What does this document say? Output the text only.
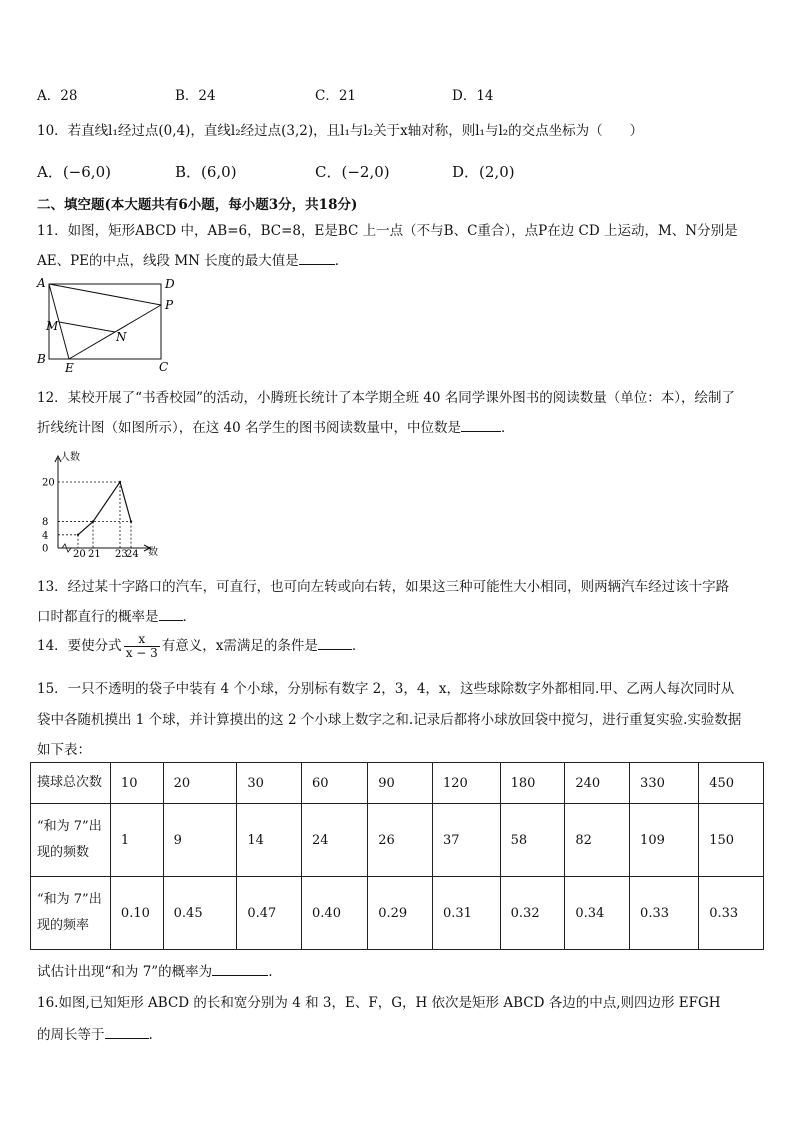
A．28	B．24	C．21	D．14
10．若直线l₁经过点(0,4)，直线l₂经过点(3,2)，且l₁与l₂关于x轴对称，则l₁与l₂的交点坐标为（　　）
A．(−6,0)	B．(6,0)	C．(−2,0)	D．(2,0)
二、填空题(本大题共有6小题，每小题3分，共18分)
11．如图，矩形ABCD 中，AB=6，BC=8，E是BC 上一点（不与B、C重合），点P在边 CD 上运动，M、N分别是
AE、PE的中点，线段 MN 长度的最大值是	．
A	D
P
M
N
B
E	C
12．某校开展了“书香校园”的活动，小腾班长统计了本学期全班 40 名同学课外图书的阅读数量（单位：本），绘制了
折线统计图（如图所示），在这 40 名学生的图书阅读数量中，中位数是	．
人数
数
0
4
8
20
20 21 23
24
13．经过某十字路口的汽车，可直行，也可向左转或向右转，如果这三种可能性大小相同，则两辆汽车经过该十字路
口时都直行的概率是 ．
14．要使分式 $\frac{x}{x - 3}$ 有意义，x需满足的条件是	．
15．一只不透明的袋子中装有 4 个小球，分别标有数字 2，3，4，x，这些球除数字外都相同.甲、乙两人每次同时从
袋中各随机摸出 1 个球，并计算摸出的这 2 个小球上数字之和.记录后都将小球放回袋中搅匀，进行重复实验.实验数据
如下表：
摸球总次数	10	20	30	60	90	120	180	240	330	450
“和为 7”出现的频数	1	9	14	24	26	37	58	82	109	150
“和为 7”出现的频率	0.10	0.45	0.47	0.40	0.29	0.31	0.32	0.34	0.33	0.33
试估计出现“和为 7”的概率为	.
16.如图,已知矩形 ABCD 的长和宽分别为 4 和 3，E、F，G，H 依次是矩形 ABCD 各边的中点,则四边形 EFGH
的周长等于	.
